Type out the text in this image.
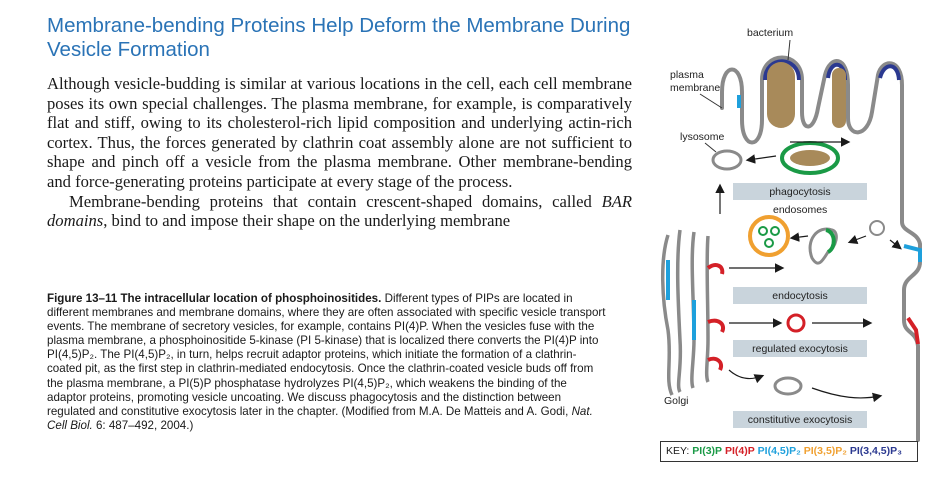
Membrane-bending Proteins Help Deform the Membrane During Vesicle Formation

Although vesicle-budding is similar at various locations in the cell, each cell membrane poses its own special challenges. The plasma membrane, for example, is comparatively flat and stiff, owing to its cholesterol-rich lipid composition and underlying actin-rich cortex. Thus, the forces generated by clathrin coat assembly alone are not sufficient to shape and pinch off a vesicle from the plasma membrane. Other membrane-bending and force-generating proteins participate at every stage of the process.

Membrane-bending proteins that contain crescent-shaped domains, called BAR domains, bind to and impose their shape on the underlying membrane

Figure 13–11 The intracellular location of phosphoinositides. Different types of PIPs are located in different membranes and membrane domains, where they are often associated with specific vesicle transport events. The membrane of secretory vesicles, for example, contains PI(4)P. When the vesicles fuse with the plasma membrane, a phosphoinositide 5-kinase (PI 5-kinase) that is localized there converts the PI(4)P into PI(4,5)P₂. The PI(4,5)P₂, in turn, helps recruit adaptor proteins, which initiate the formation of a clathrin-coated pit, as the first step in clathrin-mediated endocytosis. Once the clathrin-coated vesicle buds off from the plasma membrane, a PI(5)P phosphatase hydrolyzes PI(4,5)P₂, which weakens the binding of the adaptor proteins, promoting vesicle uncoating. We discuss phagocytosis and the distinction between regulated and constitutive exocytosis later in the chapter. (Modified from M.A. De Matteis and A. Godi, Nat. Cell Biol. 6: 487–492, 2004.)

bacterium
plasma
membrane
lysosome
phagocytosis
endosomes
Golgi
endocytosis
regulated exocytosis
constitutive exocytosis
KEY: PI(3)P PI(4)P PI(4,5)P₂ PI(3,5)P₂ PI(3,4,5)P₃
